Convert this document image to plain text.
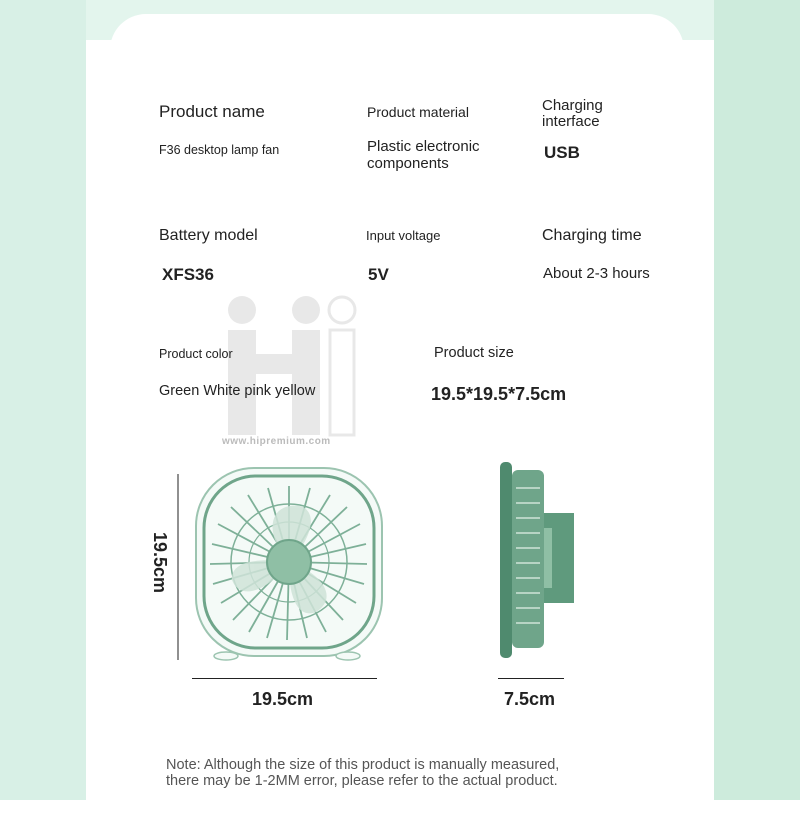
Product name
F36 desktop lamp fan
Product material
Plastic electronic
components
Charging
interface
USB
Battery model
XFS36
Input voltage
5V
Charging time
About 2-3 hours
www.hipremium.com
Product color
Green White pink yellow
Product size
19.5*19.5*7.5cm
19.5cm
19.5cm	7.5cm
Note: Although the size of this product is manually measured,
there may be 1-2MM error, please refer to the actual product.
